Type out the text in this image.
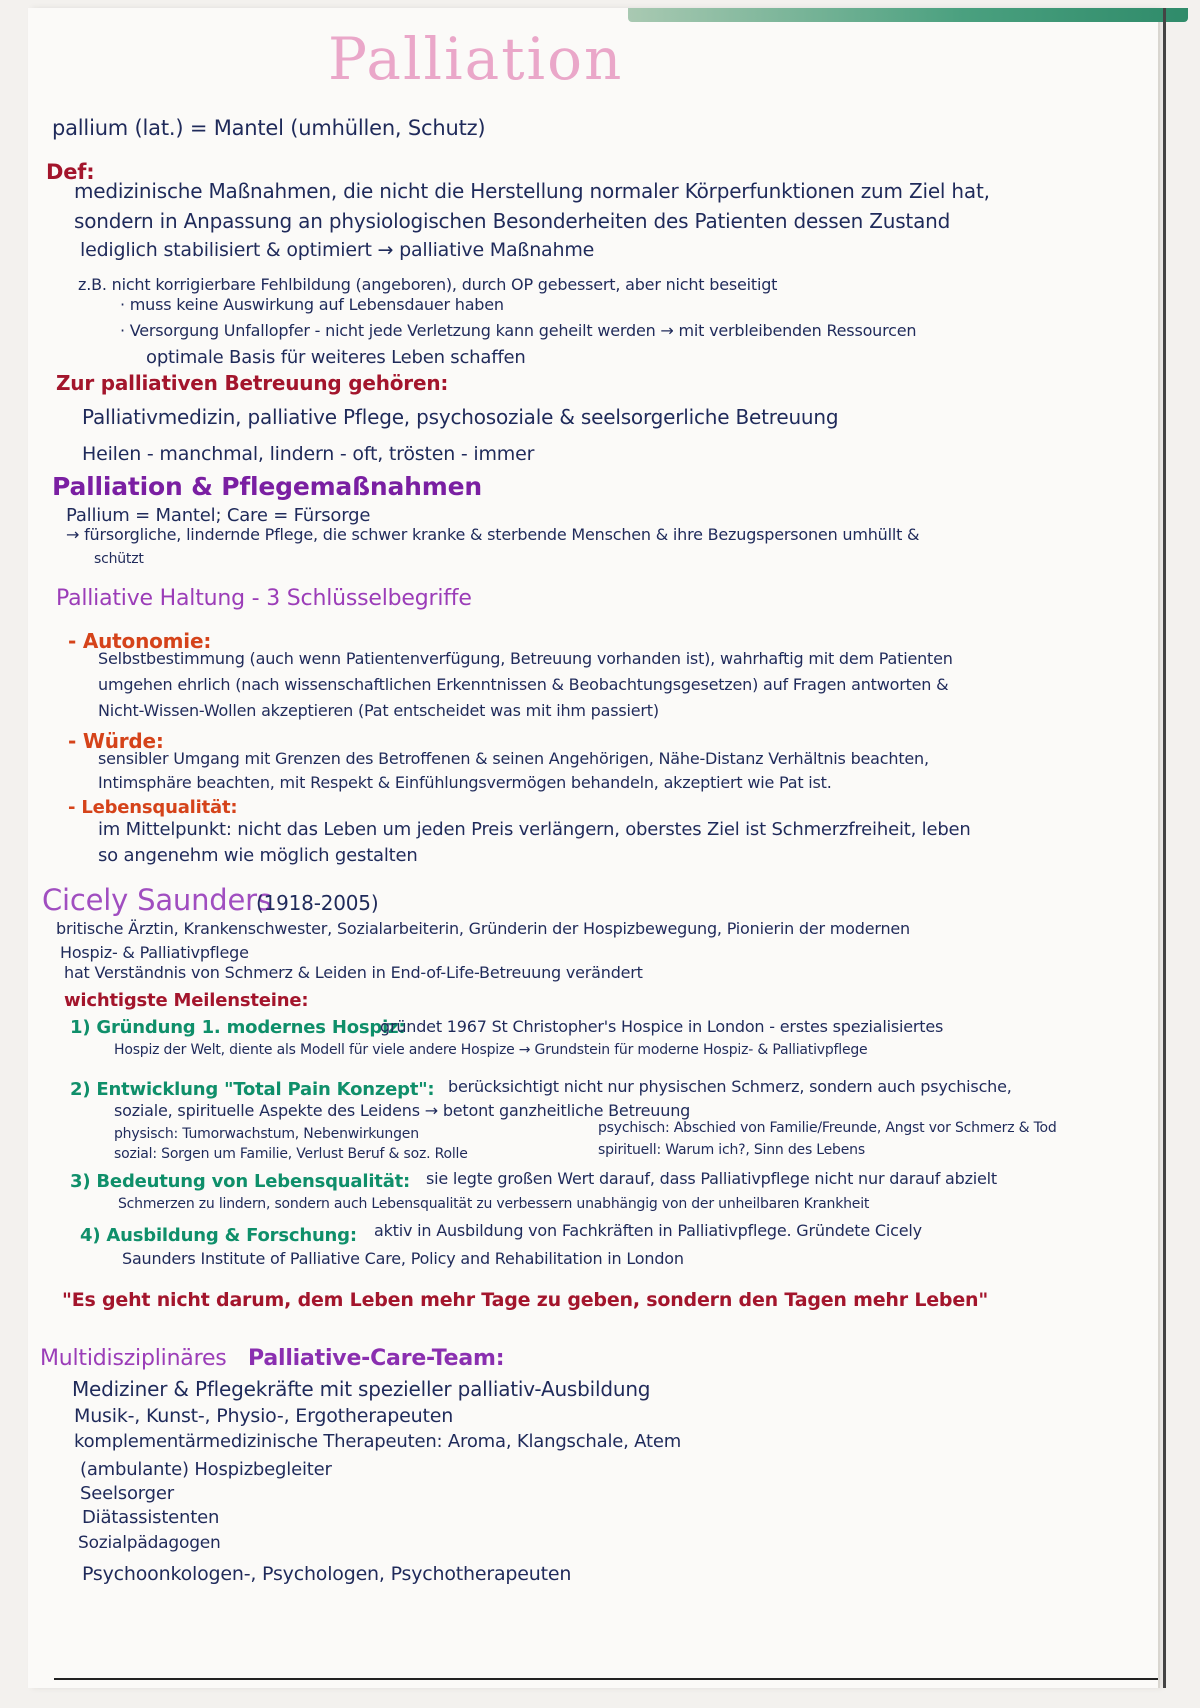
Palliation
pallium (lat.) = Mantel (umhüllen, Schutz)
Def:
medizinische Maßnahmen, die nicht die Herstellung normaler Körperfunktionen zum Ziel hat,
sondern in Anpassung an physiologischen Besonderheiten des Patienten dessen Zustand
lediglich stabilisiert & optimiert → palliative Maßnahme
z.B. nicht korrigierbare Fehlbildung (angeboren), durch OP gebessert, aber nicht beseitigt
· muss keine Auswirkung auf Lebensdauer haben
· Versorgung Unfallopfer - nicht jede Verletzung kann geheilt werden → mit verbleibenden Ressourcen
optimale Basis für weiteres Leben schaffen
Zur palliativen Betreuung gehören:
Palliativmedizin, palliative Pflege, psychosoziale & seelsorgerliche Betreuung
Heilen - manchmal, lindern - oft, trösten - immer
Palliation & Pflegemaßnahmen
Pallium = Mantel; Care = Fürsorge
→ fürsorgliche, lindernde Pflege, die schwer kranke & sterbende Menschen & ihre Bezugspersonen umhüllt &
schützt
Palliative Haltung - 3 Schlüsselbegriffe
- Autonomie:
Selbstbestimmung (auch wenn Patientenverfügung, Betreuung vorhanden ist), wahrhaftig mit dem Patienten
umgehen ehrlich (nach wissenschaftlichen Erkenntnissen & Beobachtungsgesetzen) auf Fragen antworten &
Nicht-Wissen-Wollen akzeptieren (Pat entscheidet was mit ihm passiert)
- Würde:
sensibler Umgang mit Grenzen des Betroffenen & seinen Angehörigen, Nähe-Distanz Verhältnis beachten,
Intimsphäre beachten, mit Respekt & Einfühlungsvermögen behandeln, akzeptiert wie Pat ist.
- Lebensqualität:
im Mittelpunkt: nicht das Leben um jeden Preis verlängern, oberstes Ziel ist Schmerzfreiheit, leben
so angenehm wie möglich gestalten
Cicely Saunders
(1918-2005)
britische Ärztin, Krankenschwester, Sozialarbeiterin, Gründerin der Hospizbewegung, Pionierin der modernen
Hospiz- & Palliativpflege
hat Verständnis von Schmerz & Leiden in End-of-Life-Betreuung verändert
wichtigste Meilensteine:
1) Gründung 1. modernes Hospiz:
gründet 1967 St Christopher's Hospice in London - erstes spezialisiertes
Hospiz der Welt, diente als Modell für viele andere Hospize → Grundstein für moderne Hospiz- & Palliativpflege
2) Entwicklung "Total Pain Konzept": berücksichtigt nicht nur physischen Schmerz, sondern auch psychische,
soziale, spirituelle Aspekte des Leidens → betont ganzheitliche Betreuung
physisch: Tumorwachstum, Nebenwirkungen	psychisch: Abschied von Familie/Freunde, Angst vor Schmerz & Tod
sozial: Sorgen um Familie, Verlust Beruf & soz. Rolle	spirituell: Warum ich?, Sinn des Lebens
3) Bedeutung von Lebensqualität: sie legte großen Wert darauf, dass Palliativpflege nicht nur darauf abzielt
Schmerzen zu lindern, sondern auch Lebensqualität zu verbessern unabhängig von der unheilbaren Krankheit
4) Ausbildung & Forschung: aktiv in Ausbildung von Fachkräften in Palliativpflege. Gründete Cicely
Saunders Institute of Palliative Care, Policy and Rehabilitation in London
"Es geht nicht darum, dem Leben mehr Tage zu geben, sondern den Tagen mehr Leben"
Multidisziplinäres Palliative-Care-Team:
Mediziner & Pflegekräfte mit spezieller palliativ-Ausbildung
Musik-, Kunst-, Physio-, Ergotherapeuten
komplementärmedizinische Therapeuten: Aroma, Klangschale, Atem
(ambulante) Hospizbegleiter
Seelsorger
Diätassistenten
Sozialpädagogen
Psychoonkologen-, Psychologen, Psychotherapeuten
